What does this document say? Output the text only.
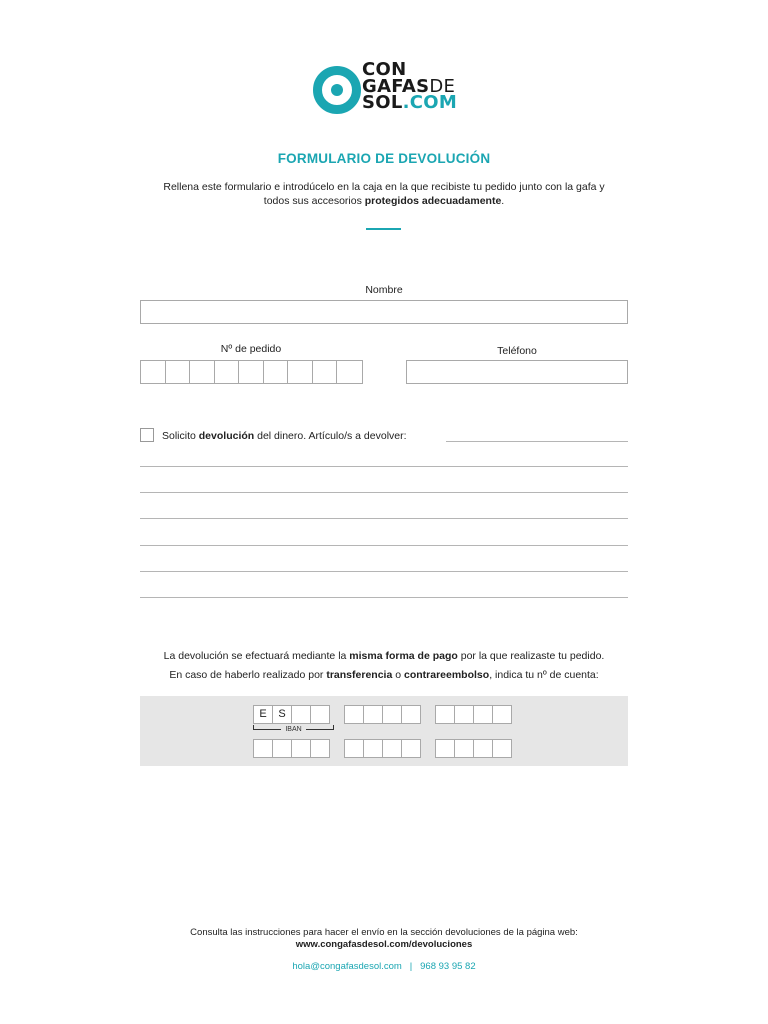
CON
GAFASDE
SOL.COM
FORMULARIO DE DEVOLUCIÓN
Rellena este formulario e introdúcelo en la caja en la que recibiste tu pedido junto con la gafa y todos sus accesorios protegidos adecuadamente.
Nombre
Nº de pedido	Teléfono
Solicito devolución del dinero. Artículo/s a devolver:
La devolución se efectuará mediante la misma forma de pago por la que realizaste tu pedido.
En caso de haberlo realizado por transferencia o contrareembolso, indica tu nº de cuenta:
E	S
IBAN
Consulta las instrucciones para hacer el envío en la sección devoluciones de la página web:
www.congafasdesol.com/devoluciones
hola@congafasdesol.com | 968 93 95 82
